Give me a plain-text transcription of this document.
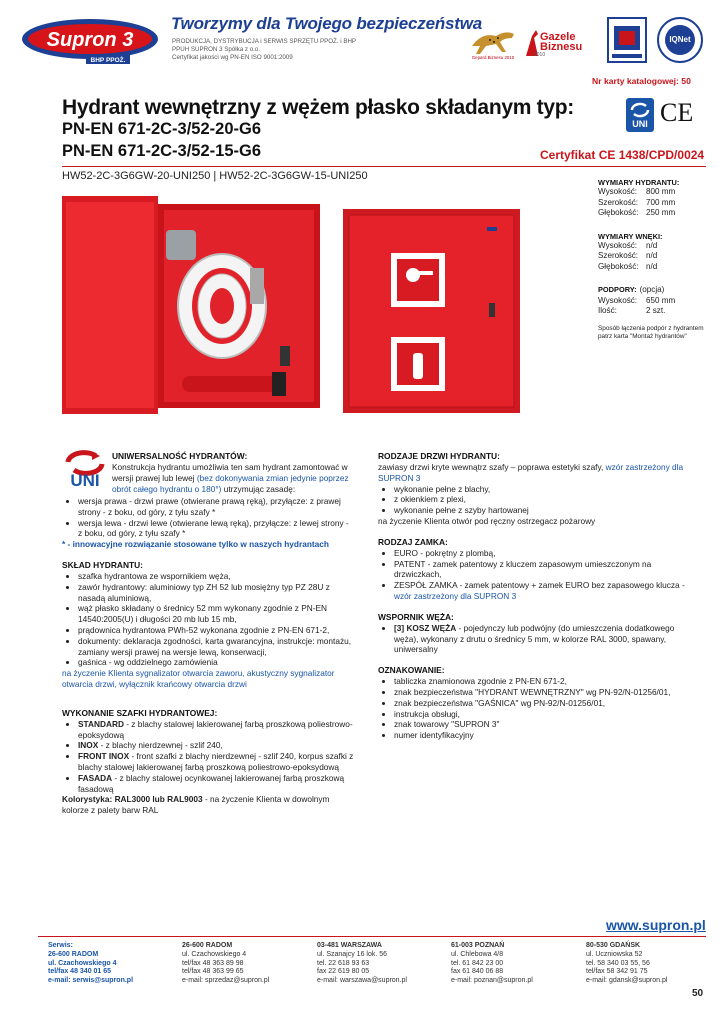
Supron 3
BHP PPOŻ.
Tworzymy dla Twojego bezpieczeństwa
PRODUKCJA, DYSTRYBUCJA i SERWIS SPRZĘTU PPOŻ. i BHP
PPUH SUPRON 3 Spółka z o.o.
Certyfikat jakości wg PN-EN ISO 9001:2009	Gepard Biznesu 2010
Gazele Biznesu
2010
IQNet
Nr karty katalogowej: 50
Hydrant wewnętrzny z wężem płasko składanym typ:
PN-EN 671-2C-3/52-20-G6
PN-EN 671-2C-3/52-15-G6	Certyfikat CE 1438/CPD/0024
UNI CE
HW52-2C-3G6GW-20-UNI250 | HW52-2C-3G6GW-15-UNI250
WYMIARY HYDRANTU:
Wysokość:	800 mm
Szerokość: 700 mm
Głębokość: 250 mm
WYMIARY WNĘKI:
Wysokość:	n/d
Szerokość: n/d
Głębokość: n/d
PODPORY: (opcja)
Wysokość:	650 mm
Ilość:	2 szt.
Sposób łączenia podpór z hydrantem patrz karta "Montaż hydrantów"
UNI
UNIWERSALNOŚĆ HYDRANTÓW:
Konstrukcja hydrantu umożliwia ten sam hydrant zamontować w wersji prawej lub lewej (bez dokonywania zmian jedynie poprzez obrót całego hydrantu o 180°) utrzymując zasadę:
• wersja prawa - drzwi prawe (otwierane prawą ręką), przyłącze: z prawej strony - z boku, od góry, z tyłu szafy *
• wersja lewa - drzwi lewe (otwierane lewą ręką), przyłącze: z lewej strony - z boku, od góry, z tyłu szafy *
* - innowacyjne rozwiązanie stosowane tylko w naszych hydrantach
SKŁAD HYDRANTU:
• szafka hydrantowa ze wspornikiem węża,
• zawór hydrantowy: aluminiowy typ ZH 52 lub mosiężny typ PZ 28U z nasadą aluminiową,
• wąż płasko składany o średnicy 52 mm wykonany zgodnie z PN-EN 14540:2005(U) i długości 20 mb lub 15 mb,
• prądownica hydrantowa PWh-52 wykonana zgodnie z PN-EN 671-2,
• dokumenty: deklaracja zgodności, karta gwarancyjna, instrukcje: montażu, zamiany wersji prawej na wersje lewą, konserwacji,
• gaśnica - wg oddzielnego zamówienia
na życzenie Klienta sygnalizator otwarcia zaworu, akustyczny sygnalizator otwarcia drzwi, wyłącznik krańcowy otwarcia drzwi
WYKONANIE SZAFKI HYDRANTOWEJ:
• STANDARD - z blachy stalowej lakierowanej farbą proszkową poliestrowo-epoksydową
• INOX - z blachy nierdzewnej - szlif 240,
• FRONT INOX - front szafki z blachy nierdzewnej - szlif 240, korpus szafki z blachy stalowej lakierowanej farbą proszkową poliestrowo-epoksydową
• FASADA - z blachy stalowej ocynkowanej lakierowanej farbą proszkową fasadową
Kolorystyka: RAL3000 lub RAL9003 - na życzenie Klienta w dowolnym kolorze z palety barw RAL
RODZAJE DRZWI HYDRANTU:
zawiasy drzwi kryte wewnątrz szafy – poprawa estetyki szafy, wzór zastrzeżony dla SUPRON 3
• wykonanie pełne z blachy,
• z okienkiem z plexi,
• wykonanie pełne z szyby hartowanej
na życzenie Klienta otwór pod ręczny ostrzegacz pożarowy
RODZAJ ZAMKA:
• EURO - pokrętny z plombą,
• PATENT - zamek patentowy z kluczem zapasowym umieszczonym na drzwiczkach,
• ZESPÓŁ ZAMKA - zamek patentowy + zamek EURO bez zapasowego klucza - wzór zastrzeżony dla SUPRON 3
WSPORNIK WĘŻA:
• [3] KOSZ WĘŻA - pojedynczy lub podwójny (do umieszczenia dodatkowego węża), wykonany z drutu o średnicy 5 mm, w kolorze RAL 3000, spawany, uniwersalny
OZNAKOWANIE:
• tabliczka znamionowa zgodnie z PN-EN 671-2,
• znak bezpieczeństwa "HYDRANT WEWNĘTRZNY" wg PN-92/N-01256/01,
• znak bezpieczeństwa "GAŚNICA" wg PN-92/N-01256/01,
• instrukcja obsługi,
• znak towarowy "SUPRON 3"
• numer identyfikacyjny
www.supron.pl
Serwis:
26-600 RADOM
ul. Czachowskiego 4
tel/fax 48 340 01 65
e-mail: serwis@supron.pl
26-600 RADOM
ul. Czachowskiego 4
tel/fax 48 363 89 98
tel/fax 48 363 99 65
e-mail: sprzedaz@supron.pl
03-481 WARSZAWA
ul. Szanajcy 16 lok. 56
tel. 22 618 93 63
fax 22 619 80 05
e-mail: warszawa@supron.pl
61-003 POZNAŃ
ul. Chlebowa 4/8
tel. 61 842 23 00
fax 61 840 06 88
e-mail: poznan@supron.pl
80-530 GDAŃSK
ul. Uczniowska 52
tel. 58 340 03 55, 56
tel/fax 58 342 91 75
e-mail: gdansk@supron.pl
50
